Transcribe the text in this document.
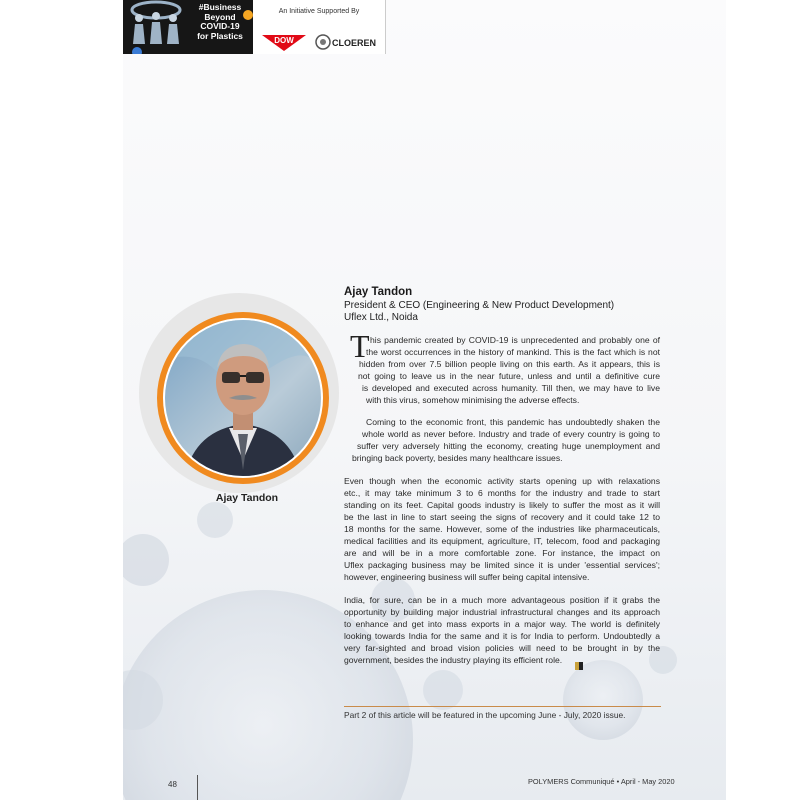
#Business
Beyond
COVID-19
for Plastics
An Initiative Supported By
DOW	CLOEREN
Ajay Tandon
Ajay Tandon
President & CEO (Engineering & New Product Development)
Uflex Ltd., Noida
T his pandemic created by COVID-19 is unprecedented and probably one of
the worst occurrences in the history of mankind. This is the fact which is not
hidden from over 7.5 billion people living on this earth. As it appears, this is
not going to leave us in the near future, unless and until a definitive cure
is developed and executed across humanity. Till then, we may have to live
with this virus, somehow minimising the adverse effects.
Coming to the economic front, this pandemic has undoubtedly shaken the
whole world as never before. Industry and trade of every country is going to
suffer very adversely hitting the economy, creating huge unemployment and
bringing back poverty, besides many healthcare issues.
Even though when the economic activity starts opening up with relaxations
etc., it may take minimum 3 to 6 months for the industry and trade to start
standing on its feet. Capital goods industry is likely to suffer the most as it will
be the last in line to start seeing the signs of recovery and it could take 12 to
18 months for the same. However, some of the industries like pharmaceuticals,
medical facilities and its equipment, agriculture, IT, telecom, food and packaging
are and will be in a more comfortable zone. For instance, the impact on
Uflex packaging business may be limited since it is under 'essential services';
however, engineering business will suffer being capital intensive.
India, for sure, can be in a much more advantageous position if it grabs the
opportunity by building major industrial infrastructural changes and its approach
to enhance and get into mass exports in a major way. The world is definitely
looking towards India for the same and it is for India to perform. Undoubtedly a
very far-sighted and broad vision policies will need to be brought in by the
government, besides the industry playing its efficient role.
Part 2 of this article will be featured in the upcoming June - July, 2020 issue.
48	POLYMERS Communiqué • April - May 2020
